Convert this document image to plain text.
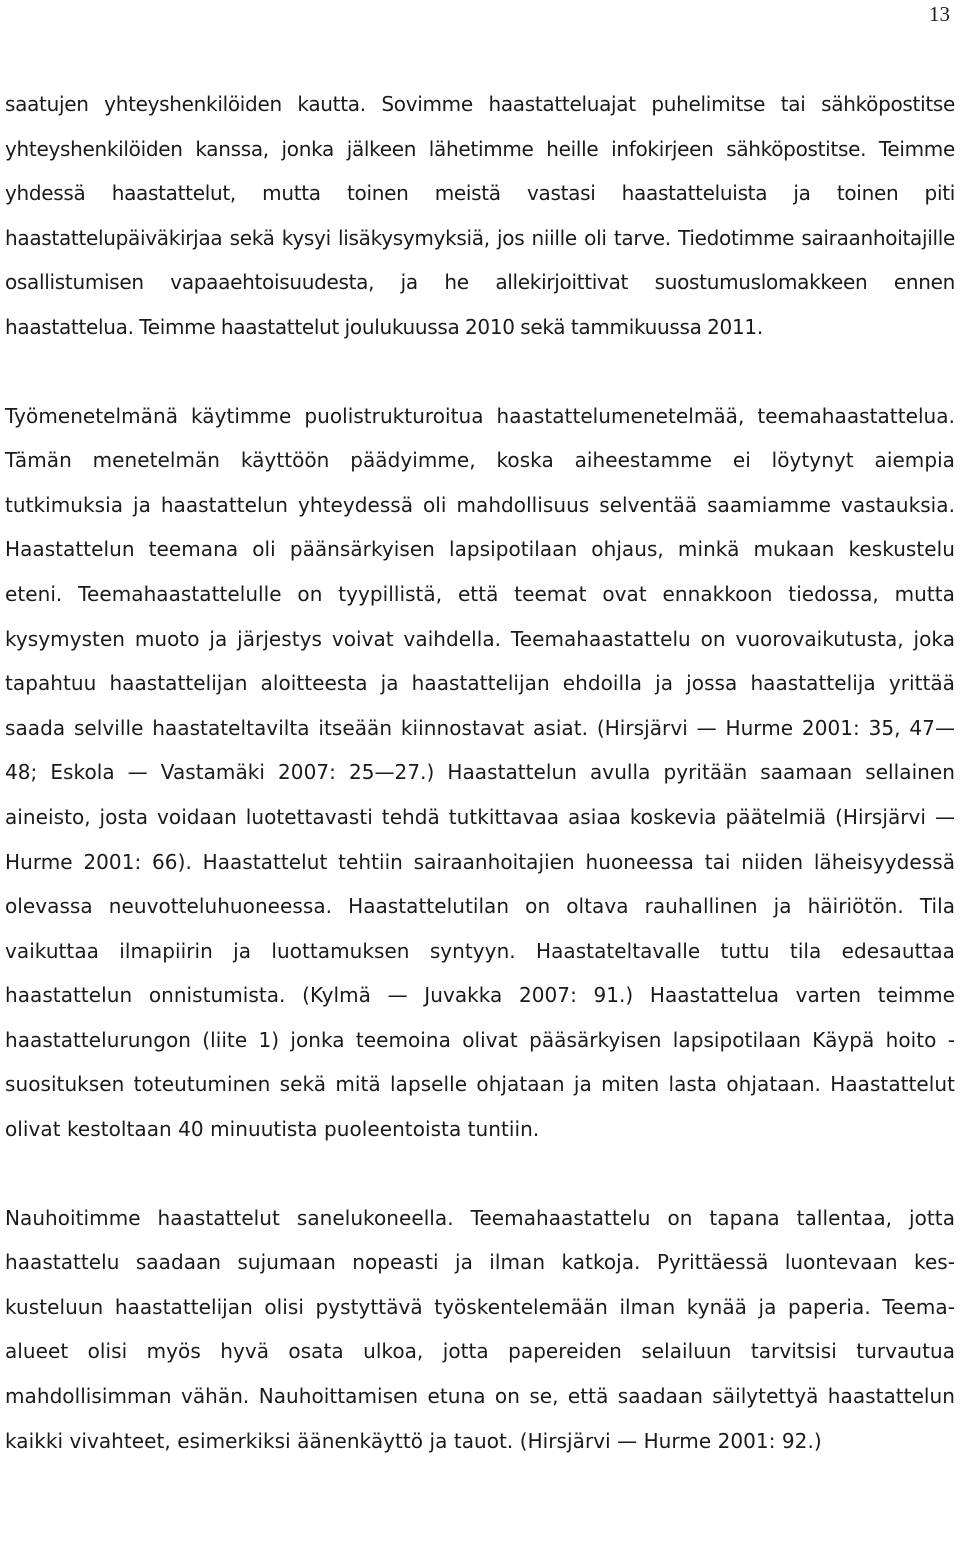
13

saatujen yhteyshenkilöiden kautta. Sovimme haastatteluajat puhelimitse tai sähköpostitse yhteyshenkilöiden kanssa, jonka jälkeen lähetimme heille infokirjeen sähköpostitse. Teimme yhdessä haastattelut, mutta toinen meistä vastasi haastatteluista ja toinen piti haastattelupäiväkirjaa sekä kysyi lisäkysymyksiä, jos niille oli tarve. Tiedotimme sairaanhoitajille osallistumisen vapaaehtoisuudesta, ja he allekirjoittivat suostumuslomakkeen ennen haastattelua. Teimme haastattelut joulukuussa 2010 sekä tammikuussa 2011.

Työmenetelmänä käytimme puolistrukturoitua haastattelumenetelmää, teemahaastattelua. Tämän menetelmän käyttöön päädyimme, koska aiheestamme ei löytynyt aiempia tutkimuksia ja haastattelun yhteydessä oli mahdollisuus selventää saamiamme vastauksia. Haastattelun teemana oli päänsärkyisen lapsipotilaan ohjaus, minkä mukaan keskustelu eteni. Teemahaastattelulle on tyypillistä, että teemat ovat ennakkoon tiedossa, mutta kysymysten muoto ja järjestys voivat vaihdella. Teemahaastattelu on vuorovaikutusta, joka tapahtuu haastattelijan aloitteesta ja haastattelijan ehdoilla ja jossa haastattelija yrittää saada selville haastateltavilta itseään kiinnostavat asiat. (Hirsjärvi — Hurme 2001: 35, 47—48; Eskola — Vastamäki 2007: 25—27.) Haastattelun avulla pyritään saamaan sellainen aineisto, josta voidaan luotettavasti tehdä tutkittavaa asiaa koskevia päätelmiä (Hirsjärvi — Hurme 2001: 66). Haastattelut tehtiin sairaanhoitajien huoneessa tai niiden läheisyydessä olevassa neuvotteluhuoneessa. Haastattelutilan on oltava rauhallinen ja häiriötön. Tila vaikuttaa ilmapiirin ja luottamuksen syntyyn. Haastateltavalle tuttu tila edesauttaa haastattelun onnistumista. (Kylmä — Juvakka 2007: 91.) Haastattelua varten teimme haastattelurungon (liite 1) jonka teemoina olivat pääsärkyisen lapsipotilaan Käypä hoito -suosituksen toteutuminen sekä mitä lapselle ohjataan ja miten lasta ohjataan. Haastattelut olivat kestoltaan 40 minuutista puoleentoista tuntiin.

Nauhoitimme haastattelut sanelukoneella. Teemahaastattelu on tapana tallentaa, jotta haastattelu saadaan sujumaan nopeasti ja ilman katkoja. Pyrittäessä luontevaan keskusteluun haastattelijan olisi pystyttävä työskentelemään ilman kynää ja paperia. Teema-alueet olisi myös hyvä osata ulkoa, jotta papereiden selailuun tarvitsisi turvautua mahdollisimman vähän. Nauhoittamisen etuna on se, että saadaan säilytettyä haastattelun kaikki vivahteet, esimerkiksi äänenkäyttö ja tauot. (Hirsjärvi — Hurme 2001: 92.)
